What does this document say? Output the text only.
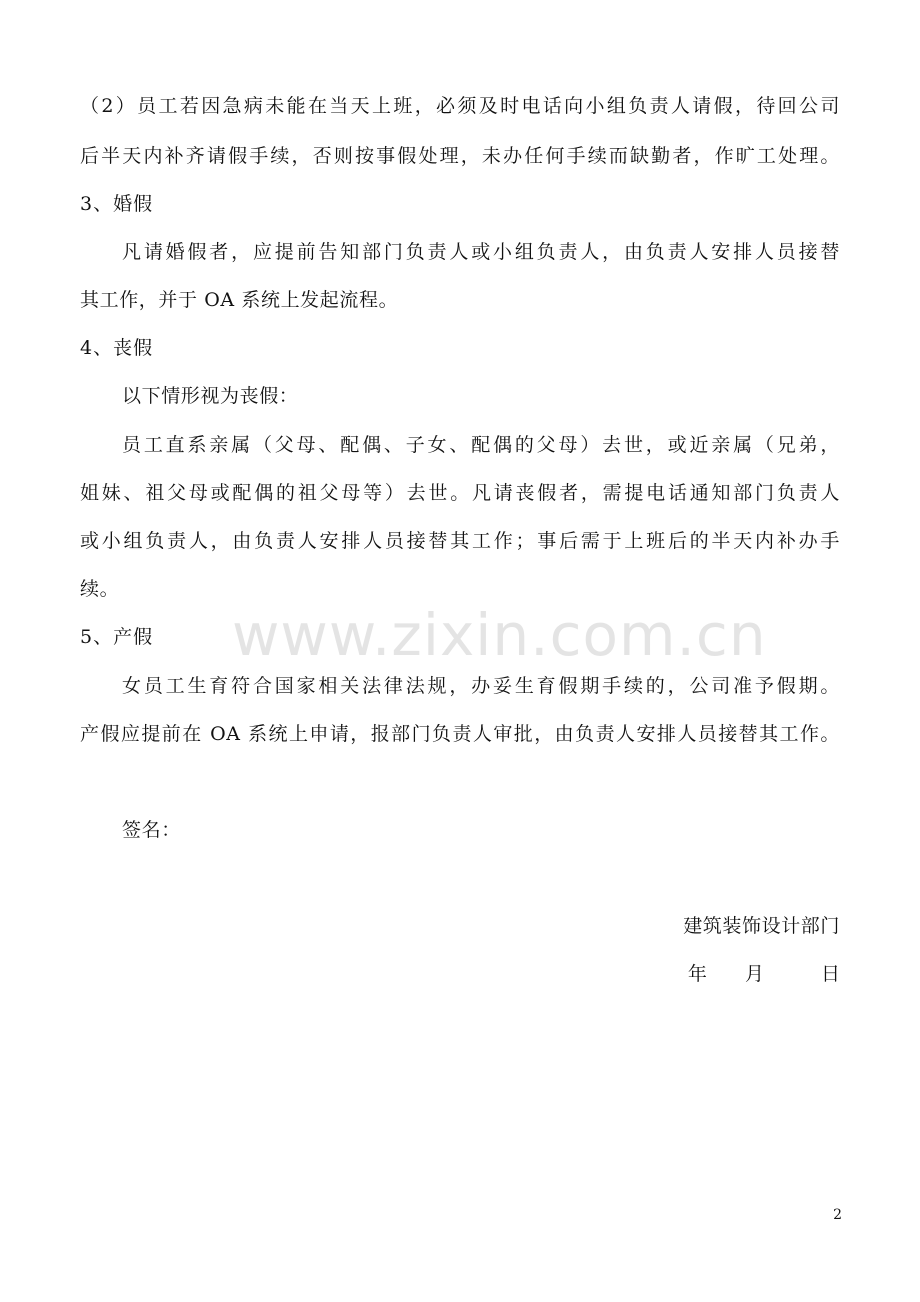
（2）员工若因急病未能在当天上班，必须及时电话向小组负责人请假，待回公司
后半天内补齐请假手续，否则按事假处理，未办任何手续而缺勤者，作旷工处理。
3、婚假
凡请婚假者，应提前告知部门负责人或小组负责人，由负责人安排人员接替
其工作，并于 OA 系统上发起流程。
4、丧假
以下情形视为丧假：
员工直系亲属（父母、配偶、子女、配偶的父母）去世，或近亲属（兄弟，
姐妹、祖父母或配偶的祖父母等）去世。凡请丧假者，需提电话通知部门负责人
或小组负责人，由负责人安排人员接替其工作；事后需于上班后的半天内补办手
续。
www.zixin.com.cn
5、产假
女员工生育符合国家相关法律法规，办妥生育假期手续的，公司准予假期。
产假应提前在 OA 系统上申请，报部门负责人审批，由负责人安排人员接替其工作。
签名：
建筑装饰设计部门
年　　 月　　　	日
2
